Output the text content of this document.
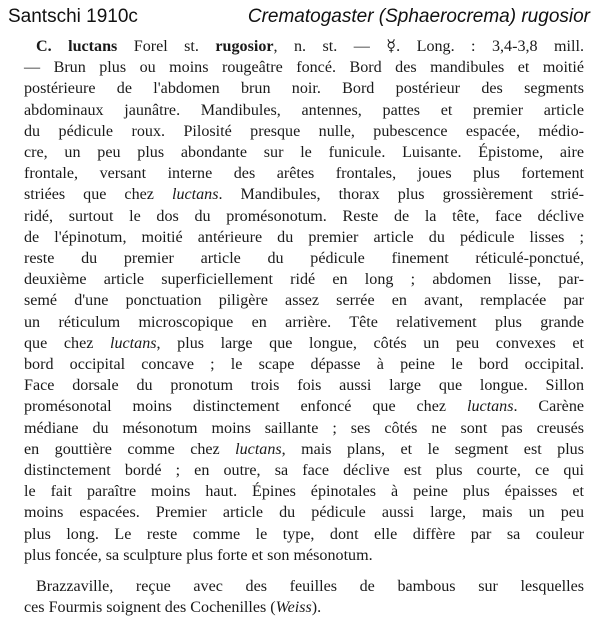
Santschi 1910c	Crematogaster (Sphaerocrema) rugosior
C. luctans Forel st. rugosior, n. st. — ☿. Long. : 3,4-3,8 mill.
— Brun plus ou moins rougeâtre foncé. Bord des mandibules et moitié
postérieure de l'abdomen brun noir. Bord postérieur des segments
abdominaux jaunâtre. Mandibules, antennes, pattes et premier article
du pédicule roux. Pilosité presque nulle, pubescence espacée, médio-
cre, un peu plus abondante sur le funicule. Luisante. Épistome, aire
frontale, versant interne des arêtes frontales, joues plus fortement
striées que chez luctans. Mandibules, thorax plus grossièrement strié-
ridé, surtout le dos du promésonotum. Reste de la tête, face déclive
de l'épinotum, moitié antérieure du premier article du pédicule lisses ;
reste du premier article du pédicule finement réticulé-ponctué,
deuxième article superficiellement ridé en long ; abdomen lisse, par-
semé d'une ponctuation piligère assez serrée en avant, remplacée par
un réticulum microscopique en arrière. Tête relativement plus grande
que chez luctans, plus large que longue, côtés un peu convexes et
bord occipital concave ; le scape dépasse à peine le bord occipital.
Face dorsale du pronotum trois fois aussi large que longue. Sillon
promésonotal moins distinctement enfoncé que chez luctans. Carène
médiane du mésonotum moins saillante ; ses côtés ne sont pas creusés
en gouttière comme chez luctans, mais plans, et le segment est plus
distinctement bordé ; en outre, sa face déclive est plus courte, ce qui
le fait paraître moins haut. Épines épinotales à peine plus épaisses et
moins espacées. Premier article du pédicule aussi large, mais un peu
plus long. Le reste comme le type, dont elle diffère par sa couleur
plus foncée, sa sculpture plus forte et son mésonotum.
Brazzaville, reçue avec des feuilles de bambous sur lesquelles
ces Fourmis soignent des Cochenilles (Weiss).
